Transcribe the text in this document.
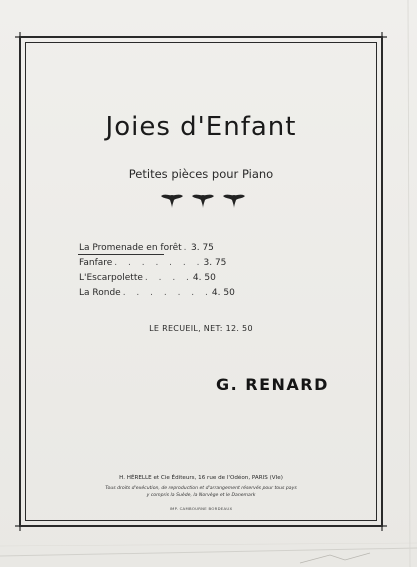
Joies d'Enfant
Petites pièces pour Piano
La Promenade en forêt . 3. 75
Fanfare . . . . . . . 3. 75
L'Escarpolette . . . . 4. 50
La Ronde . . . . . . . 4. 50
LE RECUEIL, NET: 12. 50
G. RENARD
H. HÉRELLE et Cie Éditeurs, 16 rue de l'Odéon, PARIS (VIe)
Tous droits d'exécution, de reproduction et d'arrangement réservés pour tous pays
y compris la Suède, la Norvège et le Danemark
IMP. CAMBOURNE BORDEAUX
